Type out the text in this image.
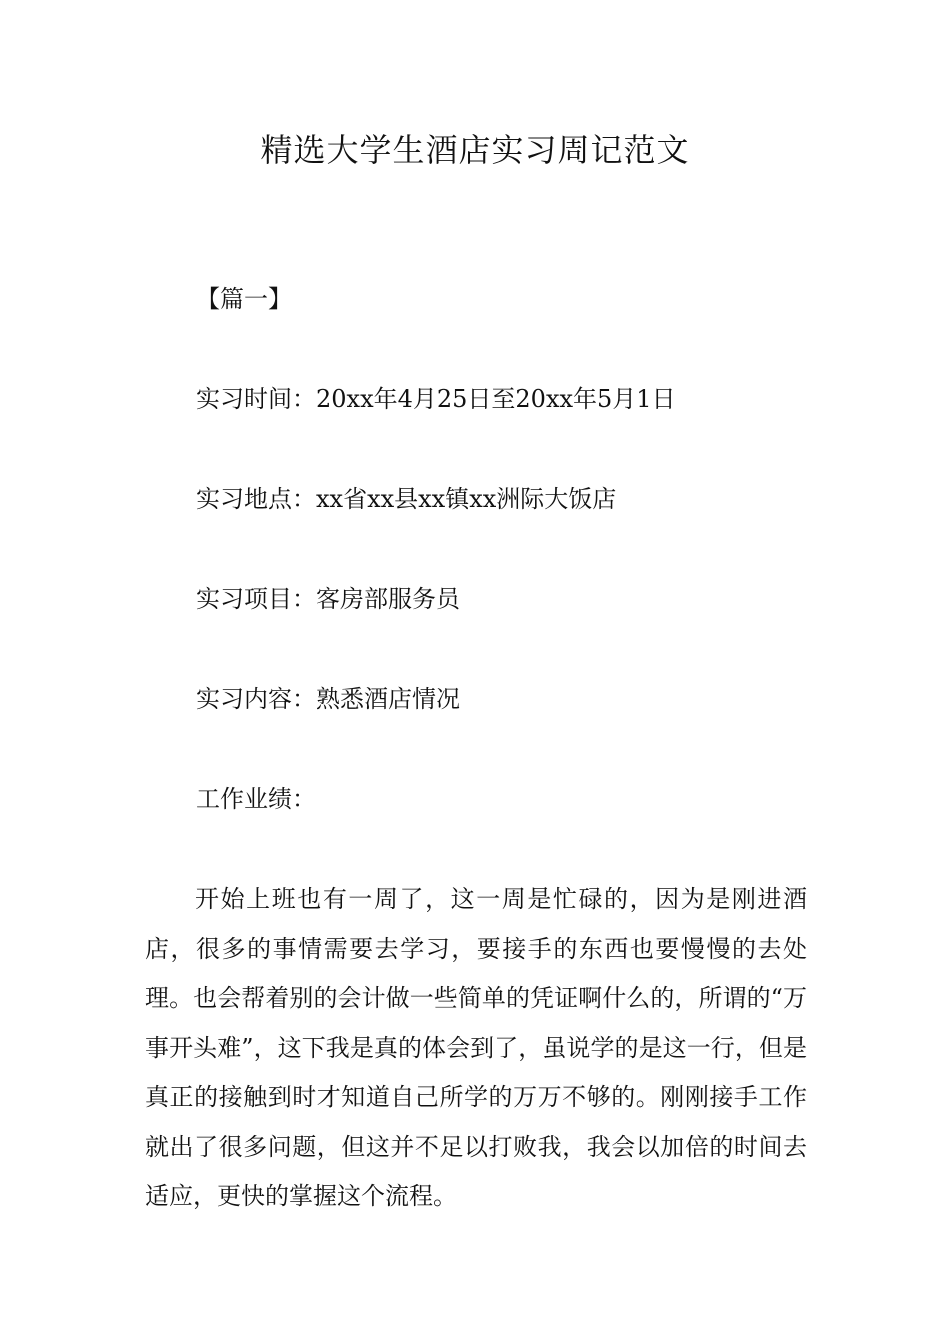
精选大学生酒店实习周记范文

【篇一】

实习时间：20xx年4月25日至20xx年5月1日

实习地点：xx省xx县xx镇xx洲际大饭店

实习项目：客房部服务员

实习内容：熟悉酒店情况

工作业绩：

开始上班也有一周了，这一周是忙碌的，因为是刚进酒店，很多的事情需要去学习，要接手的东西也要慢慢的去处理。也会帮着别的会计做一些简单的凭证啊什么的，所谓的“万事开头难”，这下我是真的体会到了，虽说学的是这一行，但是真正的接触到时才知道自己所学的万万不够的。刚刚接手工作就出了很多问题，但这并不足以打败我，我会以加倍的时间去适应，更快的掌握这个流程。
